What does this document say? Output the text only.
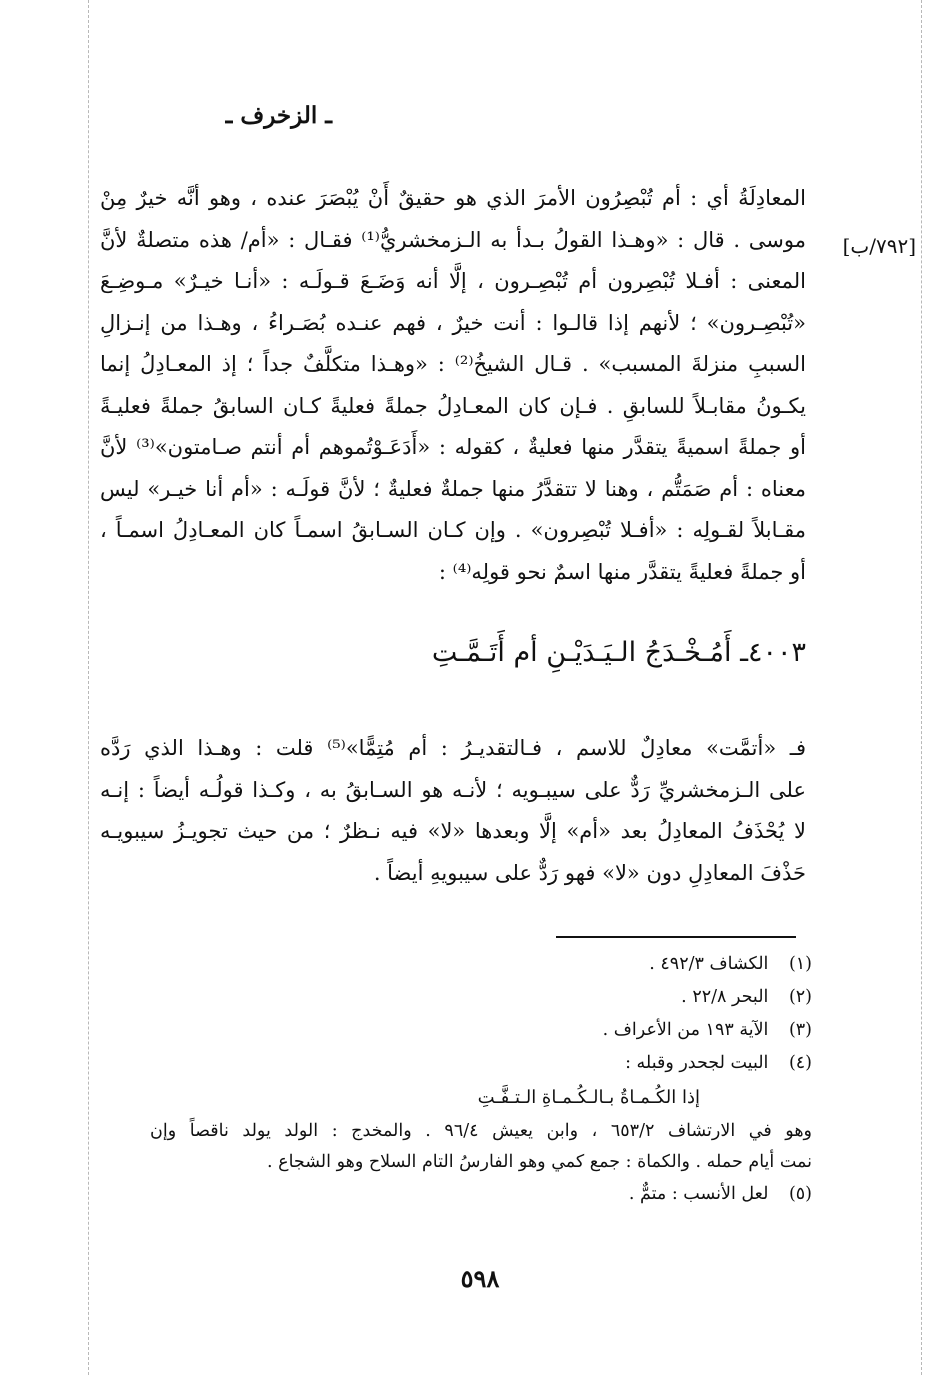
ـ الزخرف ـ
[٧٩٢/ب]
المعادِلَةُ أي : أم تُبْصِرُون الأمرَ الذي هو حقيقٌ أَنْ يُبْصَرَ عنده ، وهو أنَّه خيرٌ مِنْ
موسى . قال : «وهـذا القولُ بـدأ به الـزمخشريُّ⁽¹⁾ فقـال : «أم/ هذه متصلةٌ لأنَّ
المعنى : أفـلا تُبْصِرون أم تُبْصِـرون ، إلَّا أنه وَضَـعَ قـولَـه : «أنـا خيـرٌ» مـوضِـعَ
«تُبْصِـرون» ؛ لأنهم إذا قالـوا : أنت خيرٌ ، فهم عنـده بُصَـراءُ ، وهـذا من إنـزالِ
السببِ منزلةَ المسبب» . قـال الشيخُ⁽²⁾ : «وهـذا متكلَّفٌ جداً ؛ إذ المعـادِلُ إنما
يكـونُ مقابـلاً للسابقِ . فـإن كان المعـادِلُ جملةً فعليةً كـان السابقُ جملةً فعليـةً
أو جملةً اسميةً يتقدَّر منها فعليةٌ ، كقوله : «أَدَعَـوْتُموهم أم أنتم صـامتون»⁽³⁾ لأنَّ
معناه : أم صَمَتُّم ، وهنا لا تتقدَّرُ منها جملةٌ فعليةٌ ؛ لأنَّ قولَـه : «أم أنا خيـر» ليس
مقـابلاً لقـولِه : «أفـلا تُبْصِرون» . وإن كـان السـابقُ اسمـاً كان المعـادِلُ اسمـاً ،
أو جملةً فعليةً يتقدَّر منها اسمٌ نحو قولِه⁽⁴⁾ :
٤٠٠٣ـ أَمُـخْـدَجُ الـيَـدَيْـنِ أم أَتَـمَّـتِ
فـ «أتمَّت» معادِلٌ للاسم ، فـالتقديـرُ : أم مُتِمًّا»⁽⁵⁾ قلت : وهـذا الذي رَدَّه
على الـزمخشريِّ رَدٌّ على سيبـويه ؛ لأنـه هو السـابقُ به ، وكـذا قولُـه أيضاً : إنـه
لا يُحْذَفُ المعادِلُ بعد «أم» إلَّا وبعدها «لا» فيه نـظرٌ ؛ من حيث تجويـزُ سيبويـه
حَذْفَ المعادِلِ دون «لا» فهو رَدٌّ على سيبويهِ أيضاً .
(١) الكشاف ٤٩٢/٣ .
(٢) البحر ٢٢/٨ .
(٣) الآية ١٩٣ من الأعراف .
(٤) البيت لجحدر وقبله :
إذا الكُـمـاةُ بـالـكُـمـاةِ الـتـفَّـتِ
وهو في الارتشاف ٦٥٣/٢ ، وابن يعيش ٩٦/٤ . والمخدج : الولد يولد ناقصاً وإن
نمت أيام حمله . والكماة : جمع كمي وهو الفارسُ التام السلاح وهو الشجاع .
(٥) لعل الأنسب : متمٌّ .
٥٩٨
